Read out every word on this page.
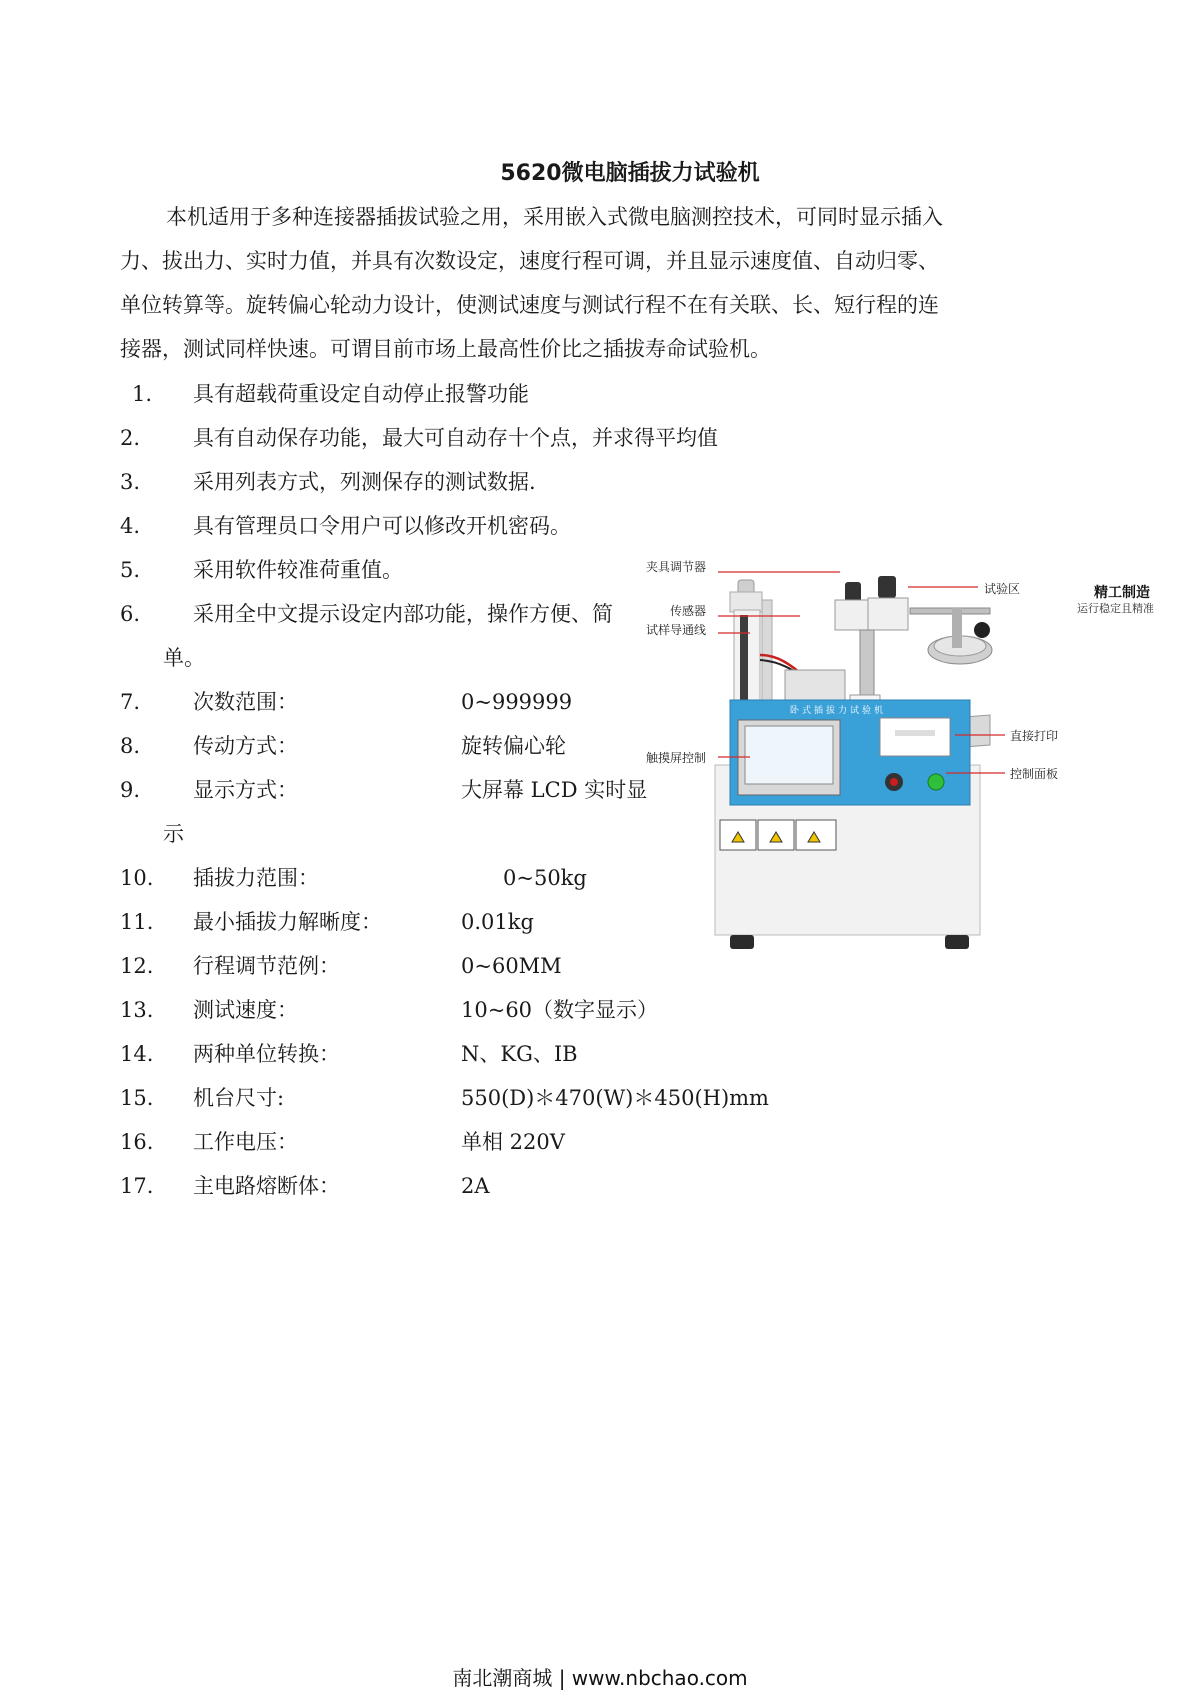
5620微电脑插拔力试验机
本机适用于多种连接器插拔试验之用，采用嵌入式微电脑测控技术，可同时显示插入
力、拔出力、实时力值，并具有次数设定，速度行程可调，并且显示速度值、自动归零、
单位转算等。旋转偏心轮动力设计，使测试速度与测试行程不在有关联、长、短行程的连
接器，测试同样快速。可谓目前市场上最高性价比之插拔寿命试验机。
1.	具有超载荷重设定自动停止报警功能
2.	具有自动保存功能，最大可自动存十个点，并求得平均值
3.	采用列表方式，列测保存的测试数据.
4.	具有管理员口令用户可以修改开机密码。
5.	采用软件较准荷重值。
6.	采用全中文提示设定内部功能，操作方便、简
单。
7.	次数范围：	0~999999
8.	传动方式：	旋转偏心轮
9.	显示方式：	大屏幕 LCD 实时显
示
10.	插拔力范围：	0~50kg
11.	最小插拔力解晰度：	0.01kg
12.	行程调节范例：	0~60MM
13.	测试速度：	10~60（数字显示）
14.	两种单位转换：	N、KG、IB
15.	机台尺寸:	550(D)＊470(W)＊450(H)mm
16.	工作电压：	单相 220V
17.	主电路熔断体：	2A
卧式插拔力试验机
精工制造
运行稳定且精准
夹具调节器
传感器
试样导通线
触摸屏控制
试验区
直接打印
控制面板
南北潮商城 | www.nbchao.com
